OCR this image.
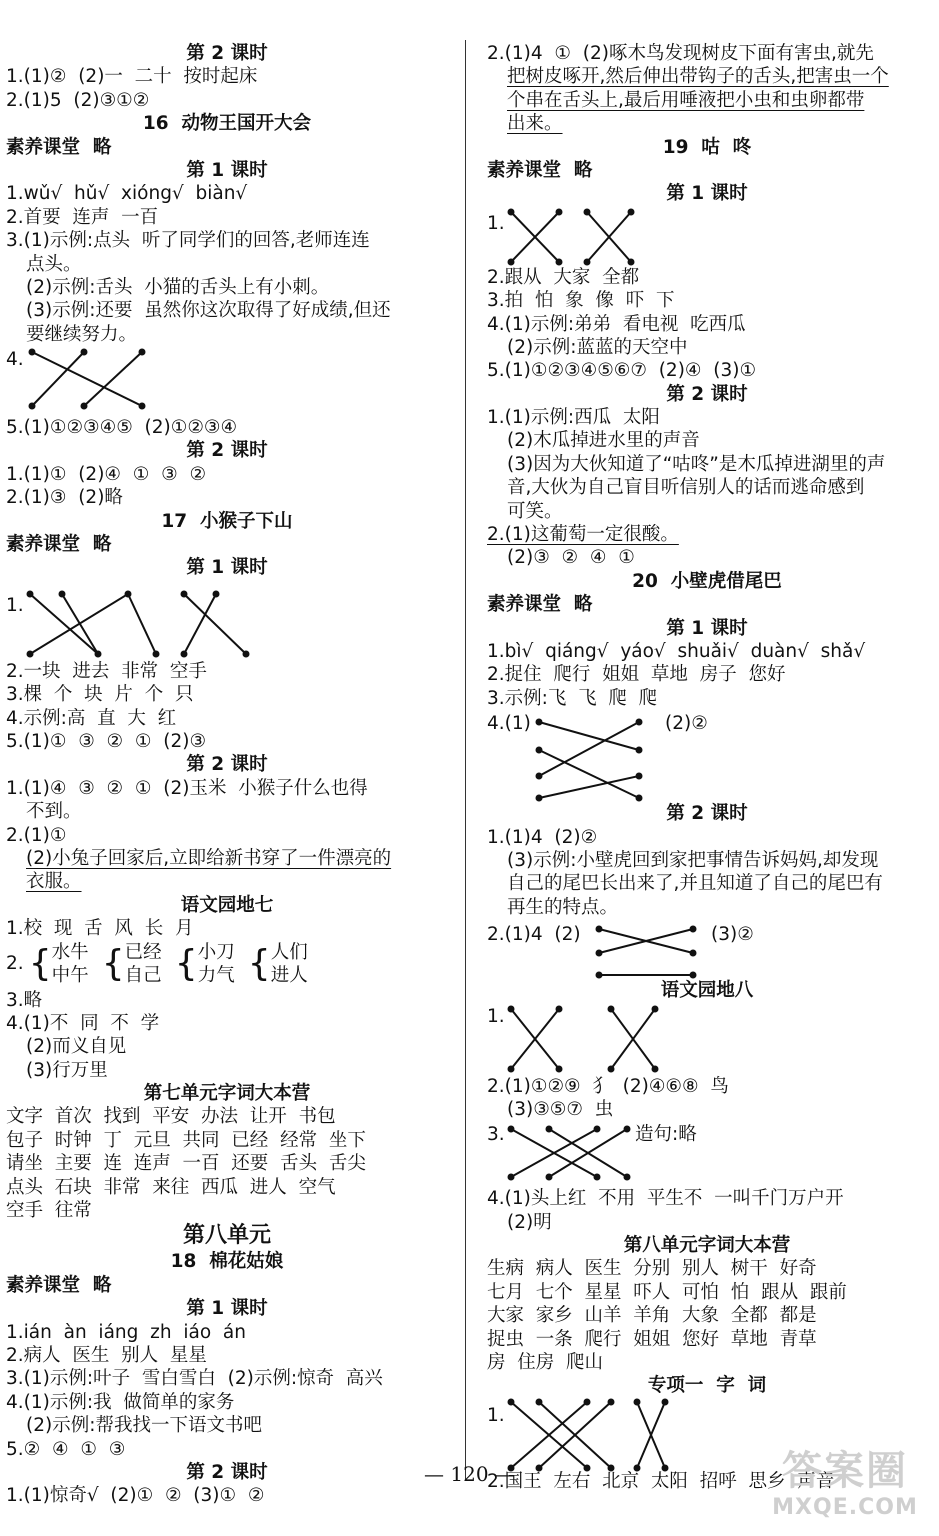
第 2 课时
1.(1)②  (2)一  二十  按时起床
2.(1)5  (2)③①②
16  动物王国开大会
素养课堂  略
第 1 课时
1.wǔ√  hǔ√  xióng√  biàn√
2.首要  连声  一百
3.(1)示例:点头  听了同学们的回答,老师连连
点头。
(2)示例:舌头  小猫的舌头上有小刺。
(3)示例:还要  虽然你这次取得了好成绩,但还
要继续努力。
4.
5.(1)①②③④⑤  (2)①②③④
第 2 课时
1.(1)①  (2)④  ①  ③  ②
2.(1)③  (2)略
17  小猴子下山
素养课堂  略
第 1 课时
1.
2.一块  进去  非常  空手
3.棵  个  块  片  个  只
4.示例:高  直  大  红
5.(1)①  ③  ②  ①  (2)③
第 2 课时
1.(1)④  ③  ②  ①  (2)玉米  小猴子什么也得
不到。
2.(1)①
(2)小兔子回家后,立即给新书穿了一件漂亮的
衣服。
语文园地七
1.校  现  舌  风  长  月
2. {水牛
中午 {已经
自己 {小刀
力气 {人们
进人
3.略
4.(1)不  同  不  学
(2)而义自见
(3)行万里
第七单元字词大本营
文字  首次  找到  平安  办法  让开  书包
包子  时钟  丁  元旦  共同  已经  经常  坐下
请坐  主要  连  连声  一百  还要  舌头  舌尖
点头  石块  非常  来往  西瓜  进人  空气
空手  往常
第八单元
18  棉花姑娘
素养课堂  略
第 1 课时
1.ián  àn  iáng  zh  iáo  án
2.病人  医生  别人  星星
3.(1)示例:叶子  雪白雪白  (2)示例:惊奇  高兴
4.(1)示例:我  做简单的家务
(2)示例:帮我找一下语文书吧
5.②  ④  ①  ③
第 2 课时
1.(1)惊奇√  (2)①  ②  (3)①  ②
2.(1)4  ①  (2)啄木鸟发现树皮下面有害虫,就先
把树皮啄开,然后伸出带钩子的舌头,把害虫一个
个串在舌头上,最后用唾液把小虫和虫卵都带
出来。
19  咕  咚
素养课堂  略
第 1 课时
1.
2.跟从  大家  全都
3.拍  怕  象  像  吓  下
4.(1)示例:弟弟  看电视  吃西瓜
(2)示例:蓝蓝的天空中
5.(1)①②③④⑤⑥⑦  (2)④  (3)①
第 2 课时
1.(1)示例:西瓜  太阳
(2)木瓜掉进水里的声音
(3)因为大伙知道了“咕咚”是木瓜掉进湖里的声
音,大伙为自己盲目听信别人的话而逃命感到
可笑。
2.(1)这葡萄一定很酸。
(2)③  ②  ④  ①
20  小壁虎借尾巴
素养课堂  略
第 1 课时
1.bì√  qiáng√  yáo√  shuǎi√  duàn√  shǎ√
2.捉住  爬行  姐姐  草地  房子  您好
3.示例:飞  飞  爬  爬
4.(1)	(2)②
第 2 课时
1.(1)4  (2)②
(3)示例:小壁虎回到家把事情告诉妈妈,却发现
自己的尾巴长出来了,并且知道了自己的尾巴有
再生的特点。
2.(1)4  (2)	(3)②
语文园地八
1.
2.(1)①②⑨  犭  (2)④⑥⑧  鸟
(3)③⑤⑦  虫
3.	造句:略
4.(1)头上红  不用  平生不  一叫千门万户开
(2)明
第八单元字词大本营
生病  病人  医生  分别  别人  树干  好奇
七月  七个  星星  吓人  可怕  怕  跟从  跟前
大家  家乡  山羊  羊角  大象  全都  都是
捉虫  一条  爬行  姐姐  您好  草地  青草
房  住房  爬山
专项一  字  词
1.
2.国王  左右  北京  太阳  招呼  思乡  声音
— 120 —	答案圈
MXQE.COM
